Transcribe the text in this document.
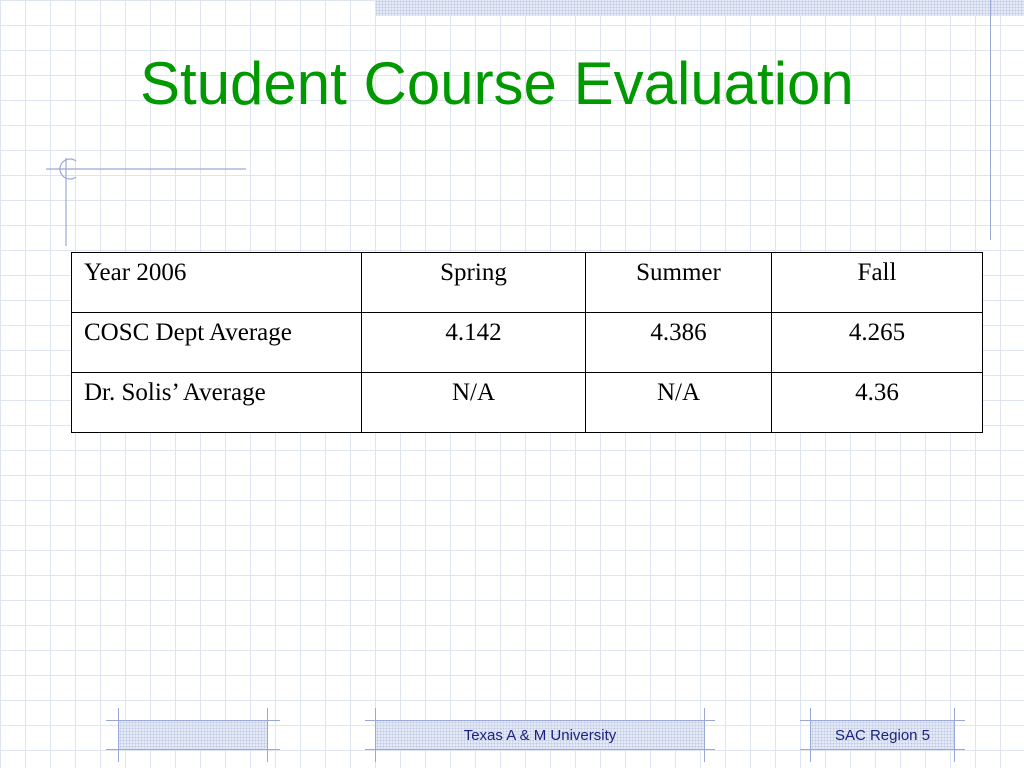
Student Course Evaluation
Year 2006	Spring	Summer	Fall
COSC Dept Average	4.142	4.386	4.265
Dr. Solis’ Average	N/A	N/A	4.36
Texas A & M University	SAC Region 5
